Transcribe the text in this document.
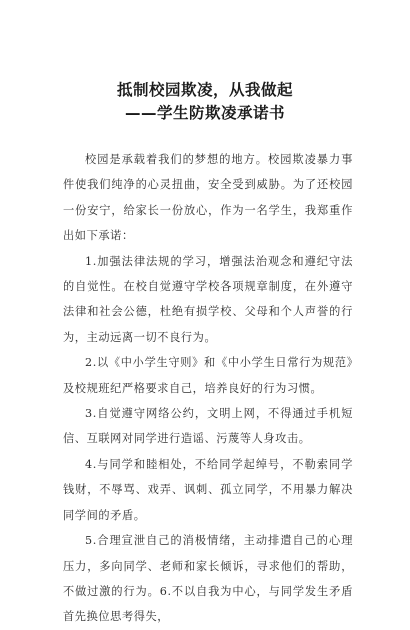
抵制校园欺凌，从我做起
——学生防欺凌承诺书

校园是承载着我们的梦想的地方。校园欺凌暴力事件使我们纯净的心灵扭曲，安全受到威胁。为了还校园一份安宁，给家长一份放心，作为一名学生，我郑重作出如下承诺：

1.加强法律法规的学习，增强法治观念和遵纪守法的自觉性。在校自觉遵守学校各项规章制度，在外遵守法律和社会公德，杜绝有损学校、父母和个人声誉的行为，主动远离一切不良行为。

2.以《中小学生守则》和《中小学生日常行为规范》及校规班纪严格要求自己，培养良好的行为习惯。

3.自觉遵守网络公约，文明上网，不得通过手机短信、互联网对同学进行造谣、污蔑等人身攻击。

4.与同学和睦相处，不给同学起绰号，不勒索同学钱财，不辱骂、戏弄、讽刺、孤立同学，不用暴力解决同学间的矛盾。

5.合理宣泄自己的消极情绪，主动排遣自己的心理压力，多向同学、老师和家长倾诉，寻求他们的帮助，不做过激的行为。6.不以自我为中心，与同学发生矛盾首先换位思考得失，
